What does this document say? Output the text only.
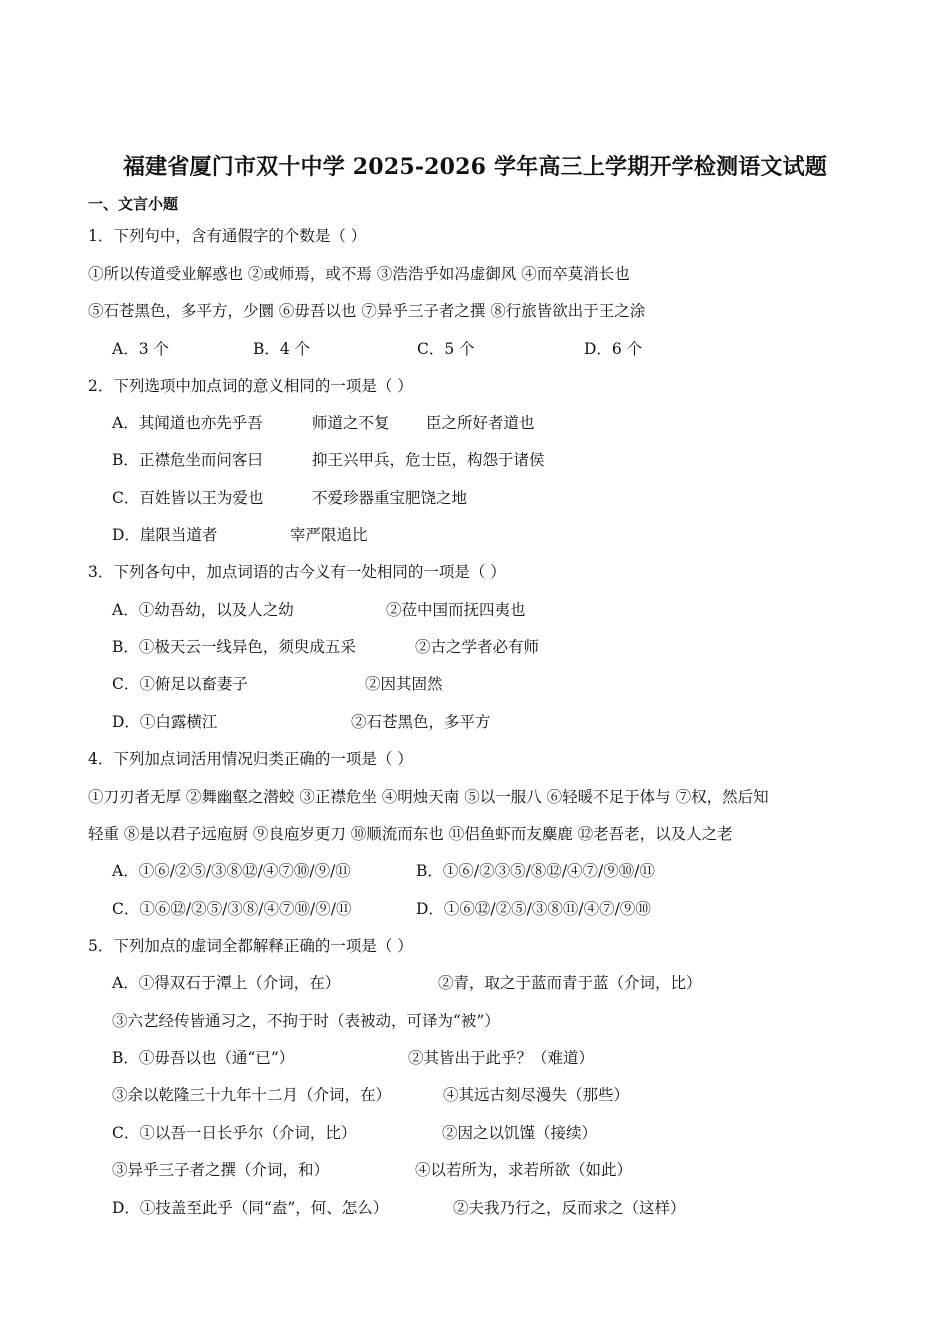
福建省厦门市双十中学 2025-2026 学年高三上学期开学检测语文试题
一、文言小题
1．下列句中，含有通假字的个数是（ ）
①所以传道受业解惑也 ②或师焉，或不焉 ③浩浩乎如冯虚御风 ④而卒莫消长也
⑤石苍黑色，多平方，少圜 ⑥毋吾以也 ⑦异乎三子者之撰 ⑧行旅皆欲出于王之涂
A．3 个	B．4 个	C．5 个	D．6 个
2．下列选项中加点词的意义相同的一项是（ ）
A．其闻道也亦先乎吾	师道之不复 臣之所好者道也
B．正襟危坐而问客曰	抑王兴甲兵，危士臣，构怨于诸侯
C．百姓皆以王为爱也	不爱珍器重宝肥饶之地
D．崖限当道者	宰严限追比
3．下列各句中，加点词语的古今义有一处相同的一项是（ ）
A．①幼吾幼，以及人之幼	②莅中国而抚四夷也
B．①极天云一线异色，须臾成五采	②古之学者必有师
C．①俯足以畜妻子	②因其固然
D．①白露横江	②石苍黑色，多平方
4．下列加点词活用情况归类正确的一项是（ ）
①刀刃者无厚 ②舞幽壑之潜蛟 ③正襟危坐 ④明烛天南 ⑤以一服八 ⑥轻暖不足于体与 ⑦权，然后知
轻重 ⑧是以君子远庖厨 ⑨良庖岁更刀 ⑩顺流而东也 ⑪侣鱼虾而友麋鹿 ⑫老吾老，以及人之老
A．①⑥/②⑤/③⑧⑫/④⑦⑩/⑨/⑪	B．①⑥/②③⑤/⑧⑫/④⑦/⑨⑩/⑪
C．①⑥⑫/②⑤/③⑧/④⑦⑩/⑨/⑪	D．①⑥⑫/②⑤/③⑧⑪/④⑦/⑨⑩
5．下列加点的虚词全都解释正确的一项是（ ）
A．①得双石于潭上（介词，在）	②青，取之于蓝而青于蓝（介词，比）
③六艺经传皆通习之，不拘于时（表被动，可译为“被”）
B．①毋吾以也（通“已”）	②其皆出于此乎？（难道）
③余以乾隆三十九年十二月（介词，在）	④其远古刻尽漫失（那些）
C．①以吾一日长乎尔（介词，比）	②因之以饥馑（接续）
③异乎三子者之撰（介词，和）	④以若所为，求若所欲（如此）
D．①技盖至此乎（同“盍”，何、怎么）	②夫我乃行之，反而求之（这样）
